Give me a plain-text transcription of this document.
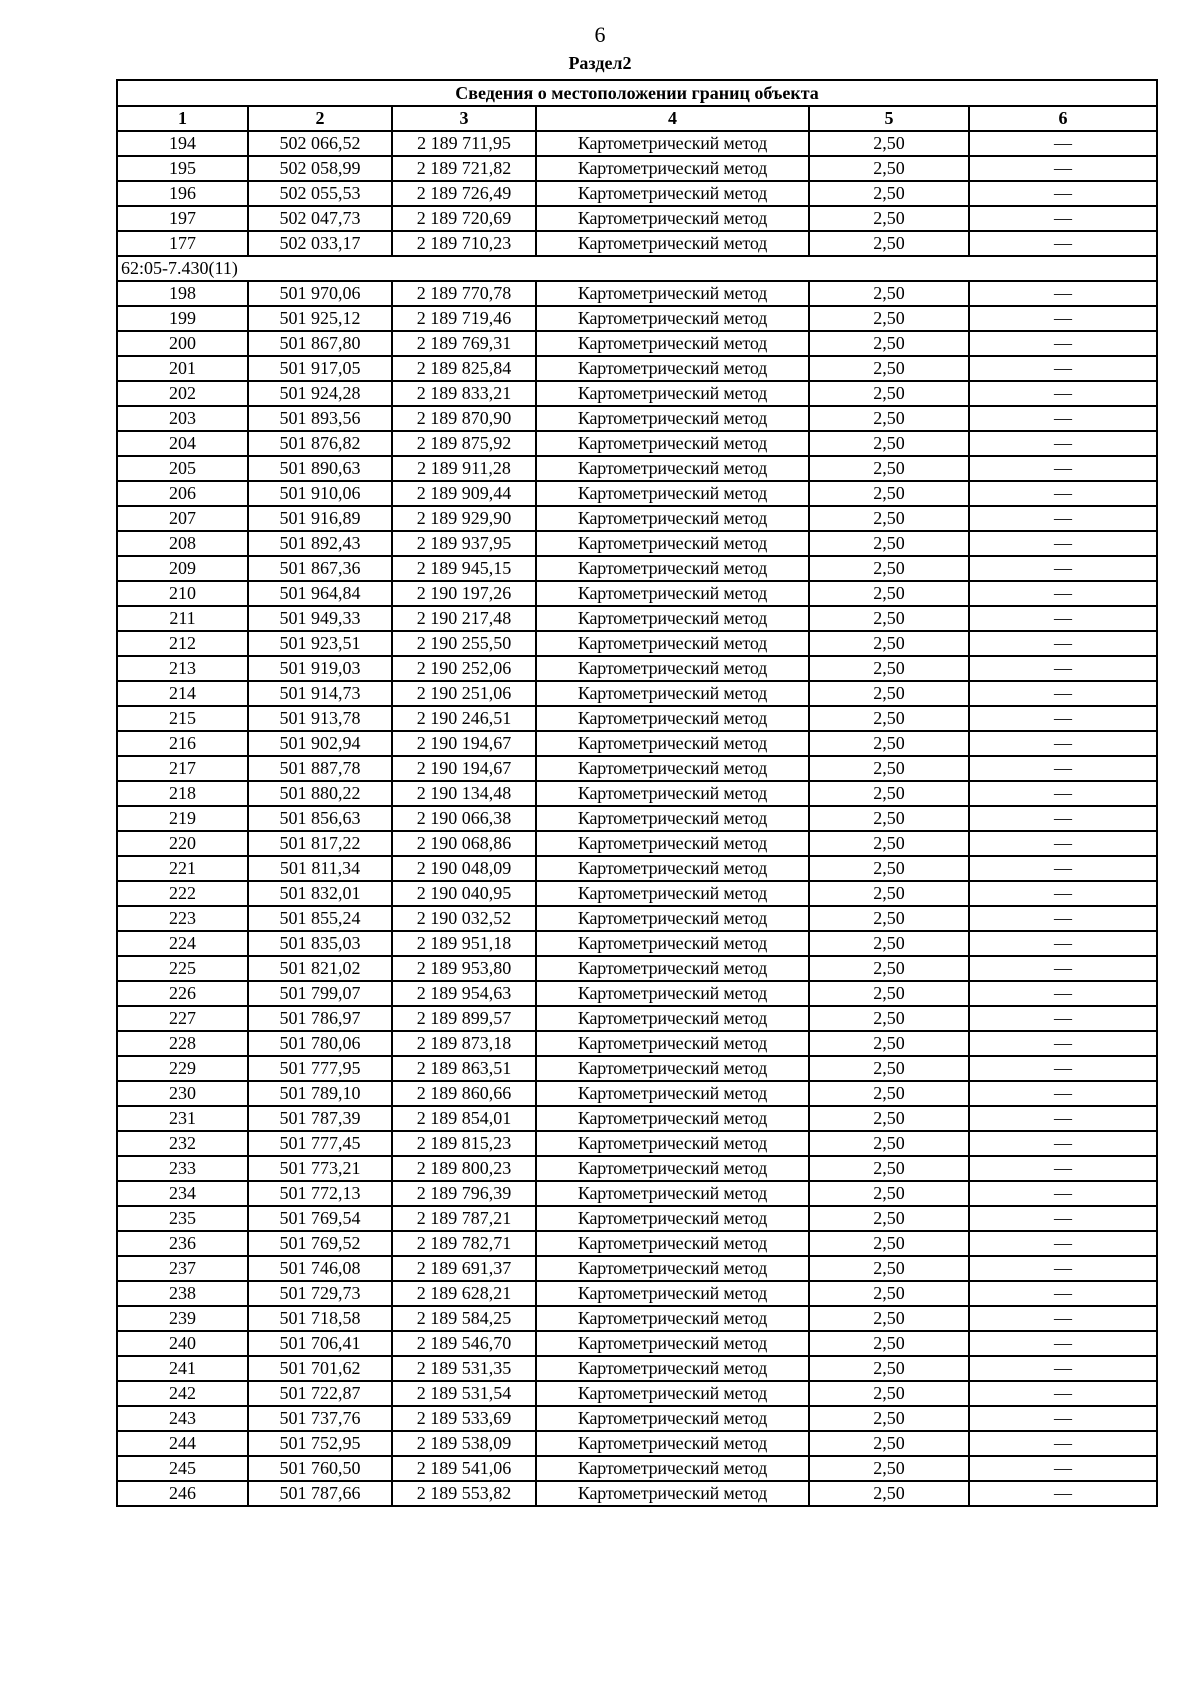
6
Раздел2
Сведения о местоположении границ объекта					
1	2	3	4	5	6
194	502 066,52	2 189 711,95	Картометрический метод	2,50	—
195	502 058,99	2 189 721,82	Картометрический метод	2,50	—
196	502 055,53	2 189 726,49	Картометрический метод	2,50	—
197	502 047,73	2 189 720,69	Картометрический метод	2,50	—
177	502 033,17	2 189 710,23	Картометрический метод	2,50	—
62:05-7.430(11)					
198	501 970,06	2 189 770,78	Картометрический метод	2,50	—
199	501 925,12	2 189 719,46	Картометрический метод	2,50	—
200	501 867,80	2 189 769,31	Картометрический метод	2,50	—
201	501 917,05	2 189 825,84	Картометрический метод	2,50	—
202	501 924,28	2 189 833,21	Картометрический метод	2,50	—
203	501 893,56	2 189 870,90	Картометрический метод	2,50	—
204	501 876,82	2 189 875,92	Картометрический метод	2,50	—
205	501 890,63	2 189 911,28	Картометрический метод	2,50	—
206	501 910,06	2 189 909,44	Картометрический метод	2,50	—
207	501 916,89	2 189 929,90	Картометрический метод	2,50	—
208	501 892,43	2 189 937,95	Картометрический метод	2,50	—
209	501 867,36	2 189 945,15	Картометрический метод	2,50	—
210	501 964,84	2 190 197,26	Картометрический метод	2,50	—
211	501 949,33	2 190 217,48	Картометрический метод	2,50	—
212	501 923,51	2 190 255,50	Картометрический метод	2,50	—
213	501 919,03	2 190 252,06	Картометрический метод	2,50	—
214	501 914,73	2 190 251,06	Картометрический метод	2,50	—
215	501 913,78	2 190 246,51	Картометрический метод	2,50	—
216	501 902,94	2 190 194,67	Картометрический метод	2,50	—
217	501 887,78	2 190 194,67	Картометрический метод	2,50	—
218	501 880,22	2 190 134,48	Картометрический метод	2,50	—
219	501 856,63	2 190 066,38	Картометрический метод	2,50	—
220	501 817,22	2 190 068,86	Картометрический метод	2,50	—
221	501 811,34	2 190 048,09	Картометрический метод	2,50	—
222	501 832,01	2 190 040,95	Картометрический метод	2,50	—
223	501 855,24	2 190 032,52	Картометрический метод	2,50	—
224	501 835,03	2 189 951,18	Картометрический метод	2,50	—
225	501 821,02	2 189 953,80	Картометрический метод	2,50	—
226	501 799,07	2 189 954,63	Картометрический метод	2,50	—
227	501 786,97	2 189 899,57	Картометрический метод	2,50	—
228	501 780,06	2 189 873,18	Картометрический метод	2,50	—
229	501 777,95	2 189 863,51	Картометрический метод	2,50	—
230	501 789,10	2 189 860,66	Картометрический метод	2,50	—
231	501 787,39	2 189 854,01	Картометрический метод	2,50	—
232	501 777,45	2 189 815,23	Картометрический метод	2,50	—
233	501 773,21	2 189 800,23	Картометрический метод	2,50	—
234	501 772,13	2 189 796,39	Картометрический метод	2,50	—
235	501 769,54	2 189 787,21	Картометрический метод	2,50	—
236	501 769,52	2 189 782,71	Картометрический метод	2,50	—
237	501 746,08	2 189 691,37	Картометрический метод	2,50	—
238	501 729,73	2 189 628,21	Картометрический метод	2,50	—
239	501 718,58	2 189 584,25	Картометрический метод	2,50	—
240	501 706,41	2 189 546,70	Картометрический метод	2,50	—
241	501 701,62	2 189 531,35	Картометрический метод	2,50	—
242	501 722,87	2 189 531,54	Картометрический метод	2,50	—
243	501 737,76	2 189 533,69	Картометрический метод	2,50	—
244	501 752,95	2 189 538,09	Картометрический метод	2,50	—
245	501 760,50	2 189 541,06	Картометрический метод	2,50	—
246	501 787,66	2 189 553,82	Картометрический метод	2,50	—
